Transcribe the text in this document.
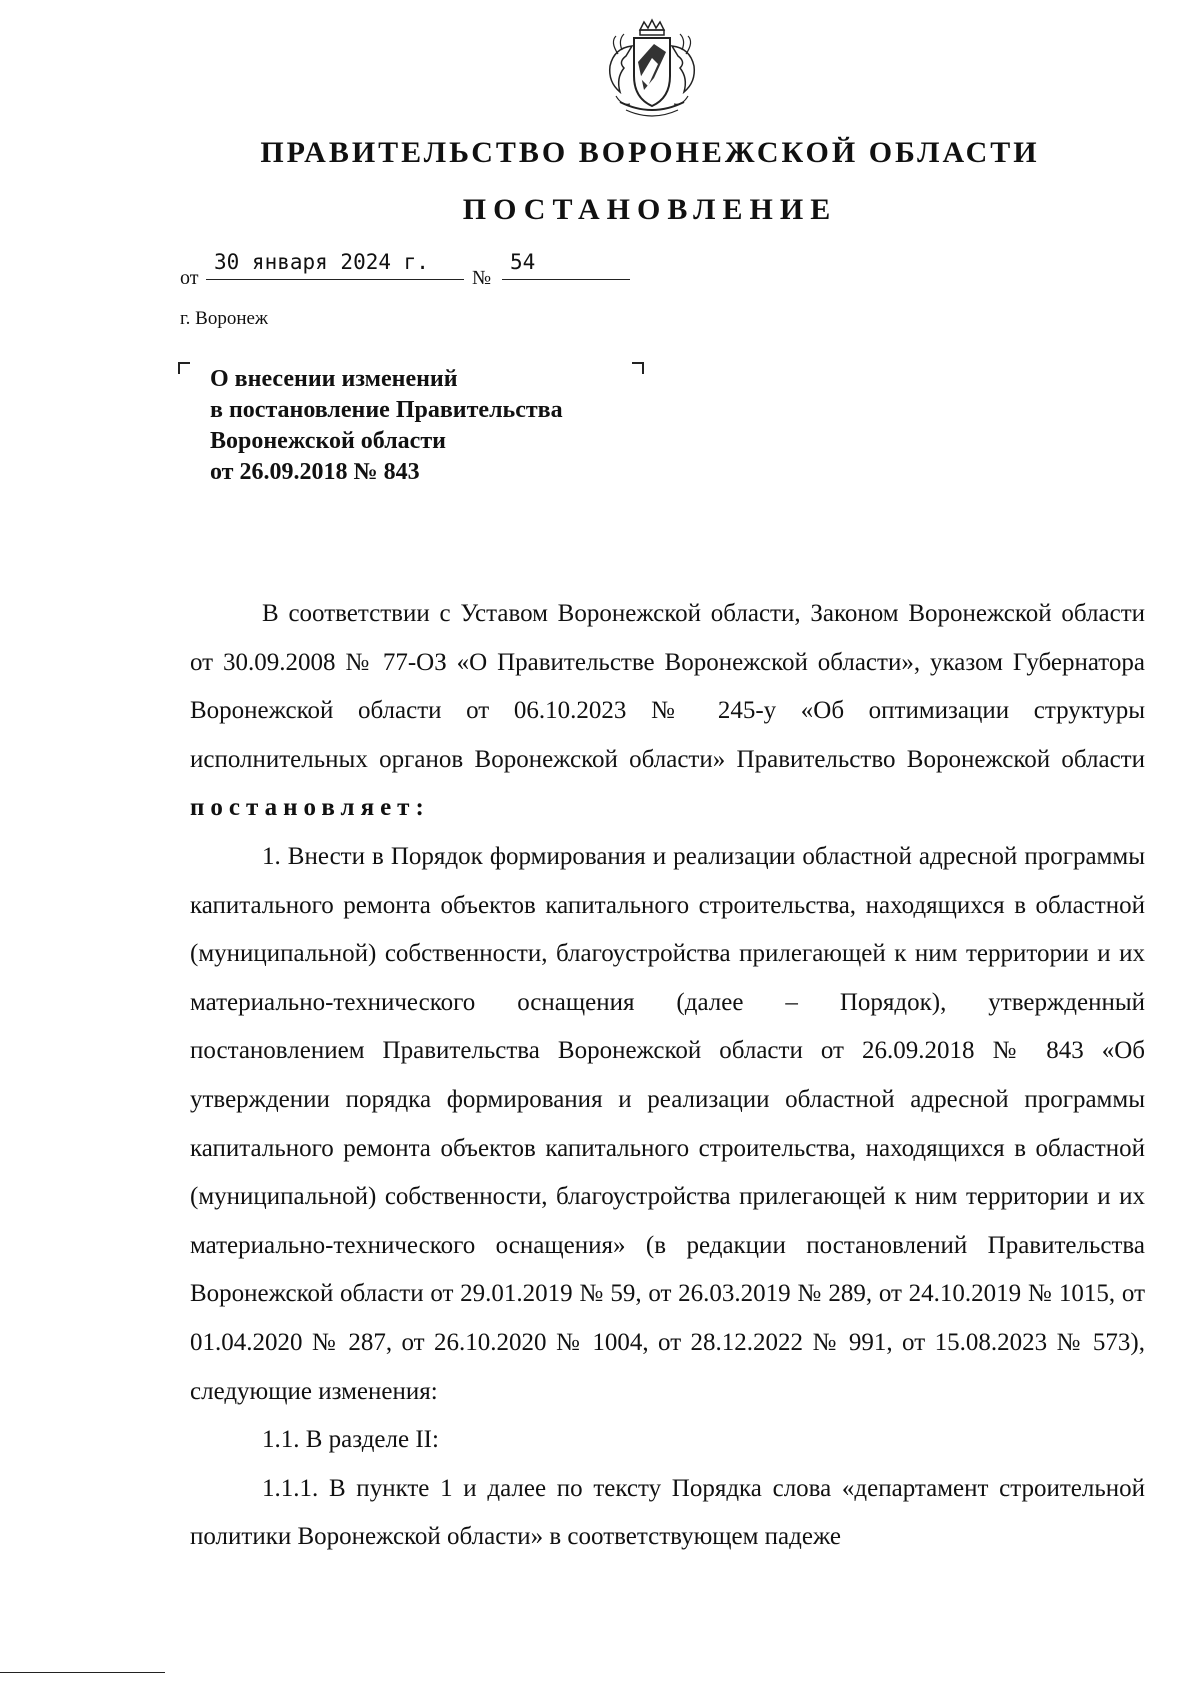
ПРАВИТЕЛЬСТВО ВОРОНЕЖСКОЙ ОБЛАСТИ
ПОСТАНОВЛЕНИЕ
от
30 января 2024 г.
№
54

г. Воронеж

О внесении изменений
в постановление Правительства
Воронежской области
от 26.09.2018 № 843

В соответствии с Уставом Воронежской области, Законом Воронежской области от 30.09.2008 № 77-ОЗ «О Правительстве Воронежской области», указом Губернатора Воронежской области от 06.10.2023 № 245-у «Об оптимизации структуры исполнительных органов Воронежской области» Правительство Воронежской области постановляет:

1. Внести в Порядок формирования и реализации областной адресной программы капитального ремонта объектов капитального строительства, находящихся в областной (муниципальной) собственности, благоустройства прилегающей к ним территории и их материально-технического оснащения (далее – Порядок), утвержденный постановлением Правительства Воронежской области от 26.09.2018 № 843 «Об утверждении порядка формирования и реализации областной адресной программы капитального ремонта объектов капитального строительства, находящихся в областной (муниципальной) собственности, благоустройства прилегающей к ним территории и их материально-технического оснащения» (в редакции постановлений Правительства Воронежской области от 29.01.2019 № 59, от 26.03.2019 № 289, от 24.10.2019 № 1015, от 01.04.2020 № 287, от 26.10.2020 № 1004, от 28.12.2022 № 991, от 15.08.2023 № 573), следующие изменения:

1.1. В разделе II:

1.1.1. В пункте 1 и далее по тексту Порядка слова «департамент строительной политики Воронежской области» в соответствующем падеже
